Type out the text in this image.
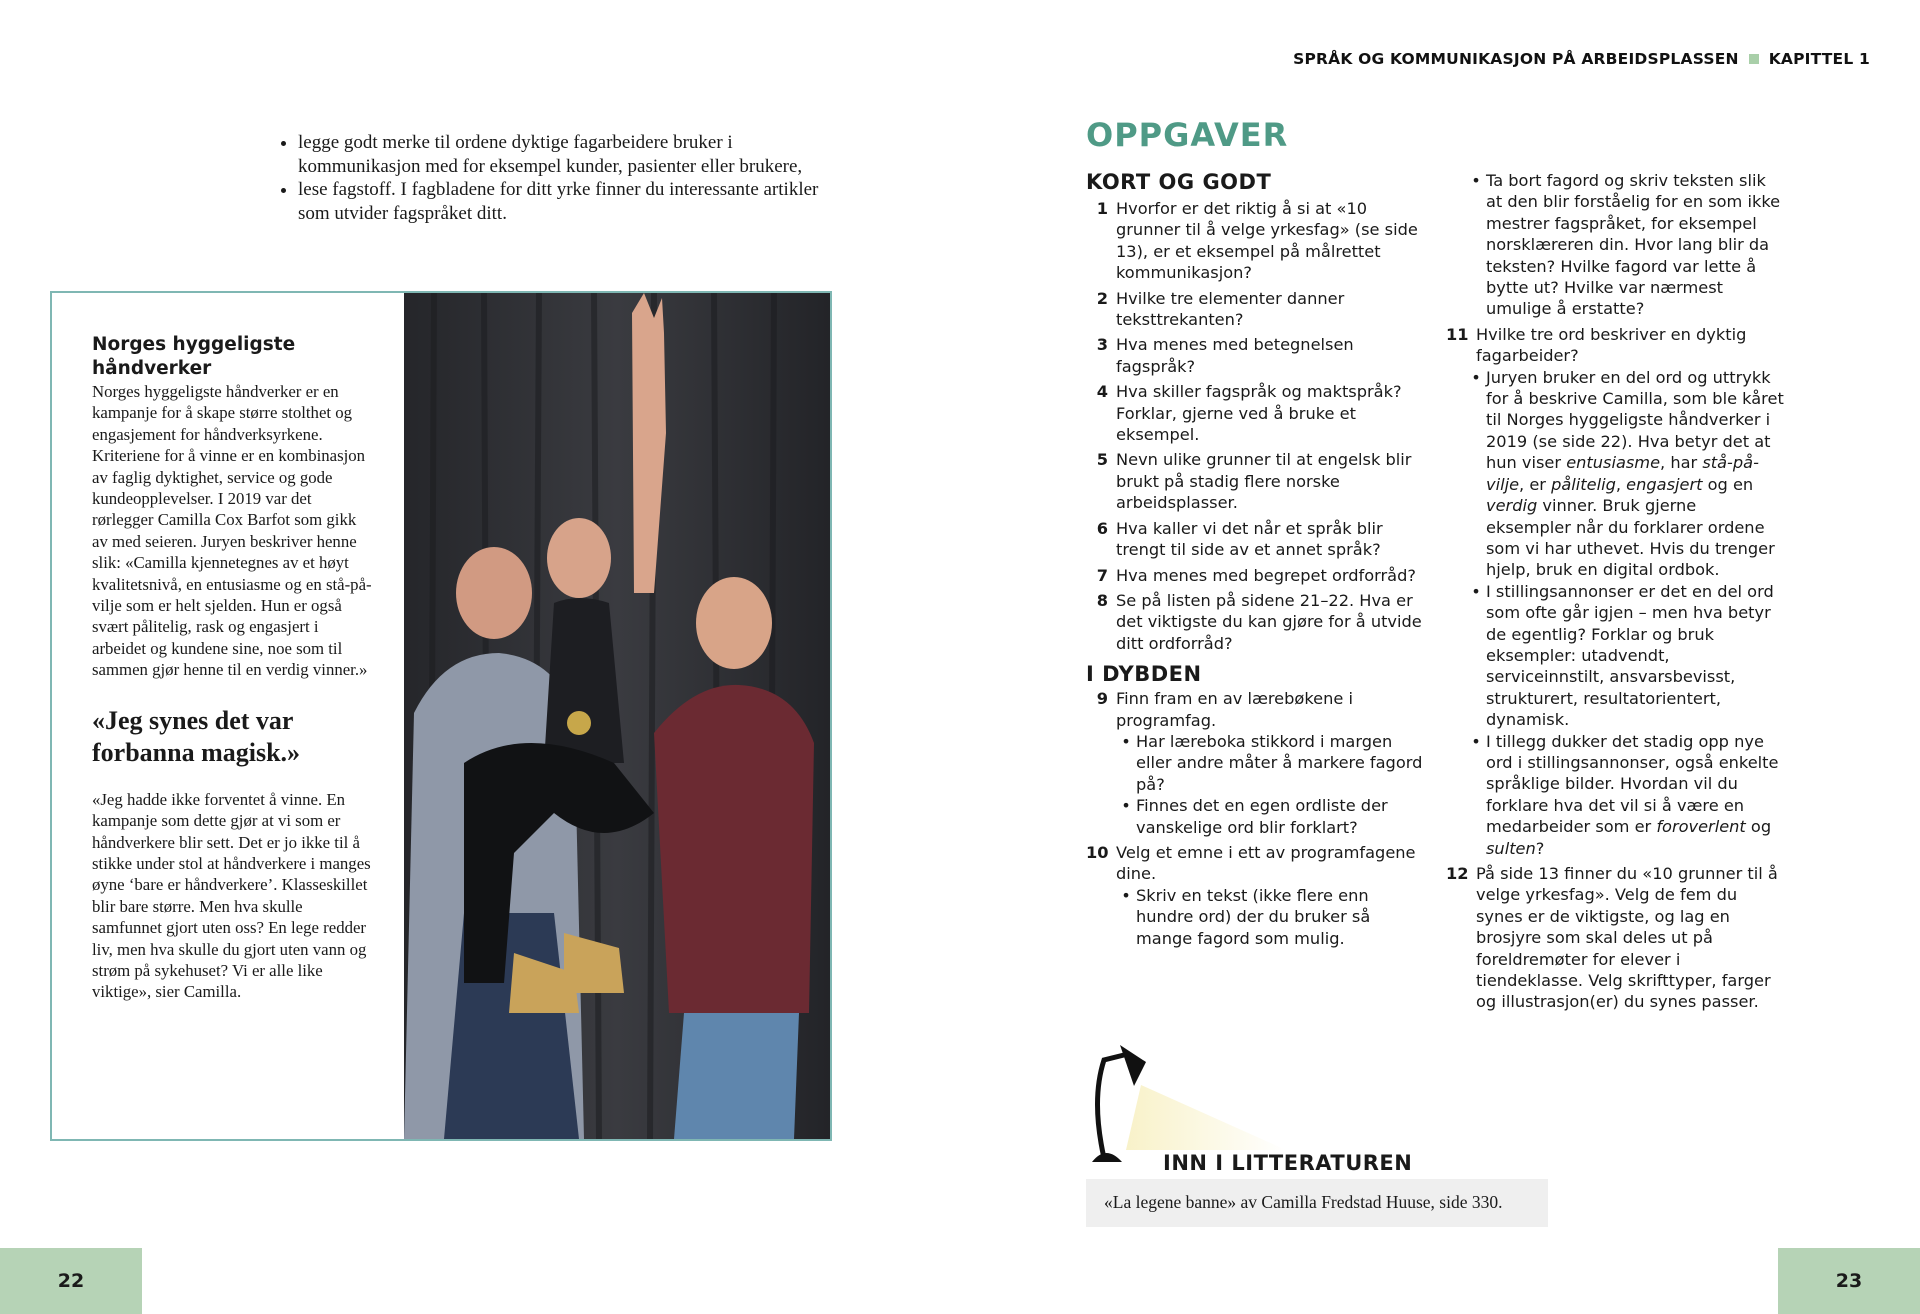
SPRÅK OG KOMMUNIKASJON PÅ ARBEIDSPLASSEN KAPITTEL 1
• legge godt merke til ordene dyktige fagarbeidere bruker i kommunikasjon med for eksempel kunder, pasienter eller brukere,
• lese fagstoff. I fagbladene for ditt yrke finner du interessante artikler som utvider fagspråket ditt.

Norges hyggeligste håndverker

Norges hyggeligste håndverker er en kampanje for å skape større stolthet og engasjement for håndverksyrkene. Kriteriene for å vinne er en kombinasjon av faglig dyktighet, service og gode kundeopplevelser. I 2019 var det rørlegger Camilla Cox Barfot som gikk av med seieren. Juryen beskriver henne slik: «Camilla kjennetegnes av et høyt kvalitetsnivå, en entusiasme og en stå-på-vilje som er helt sjelden. Hun er også svært pålitelig, rask og engasjert i arbeidet og kundene sine, noe som til sammen gjør henne til en verdig vinner.»

«Jeg synes det var forbanna magisk.»

«Jeg hadde ikke forventet å vinne. En kampanje som dette gjør at vi som er håndverkere blir sett. Det er jo ikke til å stikke under stol at håndverkere i manges øyne ‘bare er håndverkere’. Klasseskillet blir bare større. Men hva skulle samfunnet gjort uten oss? En lege redder liv, men hva skulle du gjort uten vann og strøm på sykehuset? Vi er alle like viktige», sier Camilla.

OPPGAVER

KORT OG GODT

1 Hvorfor er det riktig å si at «10 grunner til å velge yrkesfag» (se side 13), er et eksempel på målrettet kommunikasjon?
2 Hvilke tre elementer danner teksttrekanten?
3 Hva menes med betegnelsen fagspråk?
4 Hva skiller fagspråk og maktspråk? Forklar, gjerne ved å bruke et eksempel.
5 Nevn ulike grunner til at engelsk blir brukt på stadig flere norske arbeidsplasser.
6 Hva kaller vi det når et språk blir trengt til side av et annet språk?
7 Hva menes med begrepet ordforråd?
8 Se på listen på sidene 21–22. Hva er det viktigste du kan gjøre for å utvide ditt ordforråd?

I DYBDEN

9 Finn fram en av lærebøkene i programfag.
• Har læreboka stikkord i margen eller andre måter å markere fagord på?
• Finnes det en egen ordliste der vanskelige ord blir forklart?
10 Velg et emne i ett av programfagene dine.
• Skriv en tekst (ikke flere enn hundre ord) der du bruker så mange fagord som mulig.
• Ta bort fagord og skriv teksten slik at den blir forståelig for en som ikke mestrer fagspråket, for eksempel norsklæreren din. Hvor lang blir da teksten? Hvilke fagord var lette å bytte ut? Hvilke var nærmest umulige å erstatte?
11 Hvilke tre ord beskriver en dyktig fagarbeider?
• Juryen bruker en del ord og uttrykk for å beskrive Camilla, som ble kåret til Norges hyggeligste håndverker i 2019 (se side 22). Hva betyr det at hun viser entusiasme, har stå-på-vilje, er pålitelig, engasjert og en verdig vinner. Bruk gjerne eksempler når du forklarer ordene som vi har uthevet. Hvis du trenger hjelp, bruk en digital ordbok.
• I stillingsannonser er det en del ord som ofte går igjen – men hva betyr de egentlig? Forklar og bruk eksempler: utadvendt, serviceinnstilt, ansvarsbevisst, strukturert, resultatorientert, dynamisk.
• I tillegg dukker det stadig opp nye ord i stillingsannonser, også enkelte språklige bilder. Hvordan vil du forklare hva det vil si å være en medarbeider som er foroverlent og sulten?
12 På side 13 finner du «10 grunner til å velge yrkesfag». Velg de fem du synes er de viktigste, og lag en brosjyre som skal deles ut på foreldremøter for elever i tiendeklasse. Velg skrifttyper, farger og illustrasjon(er) du synes passer.
INN I LITTERATUREN
«La legene banne» av Camilla Fredstad Huuse, side 330.
22	23
